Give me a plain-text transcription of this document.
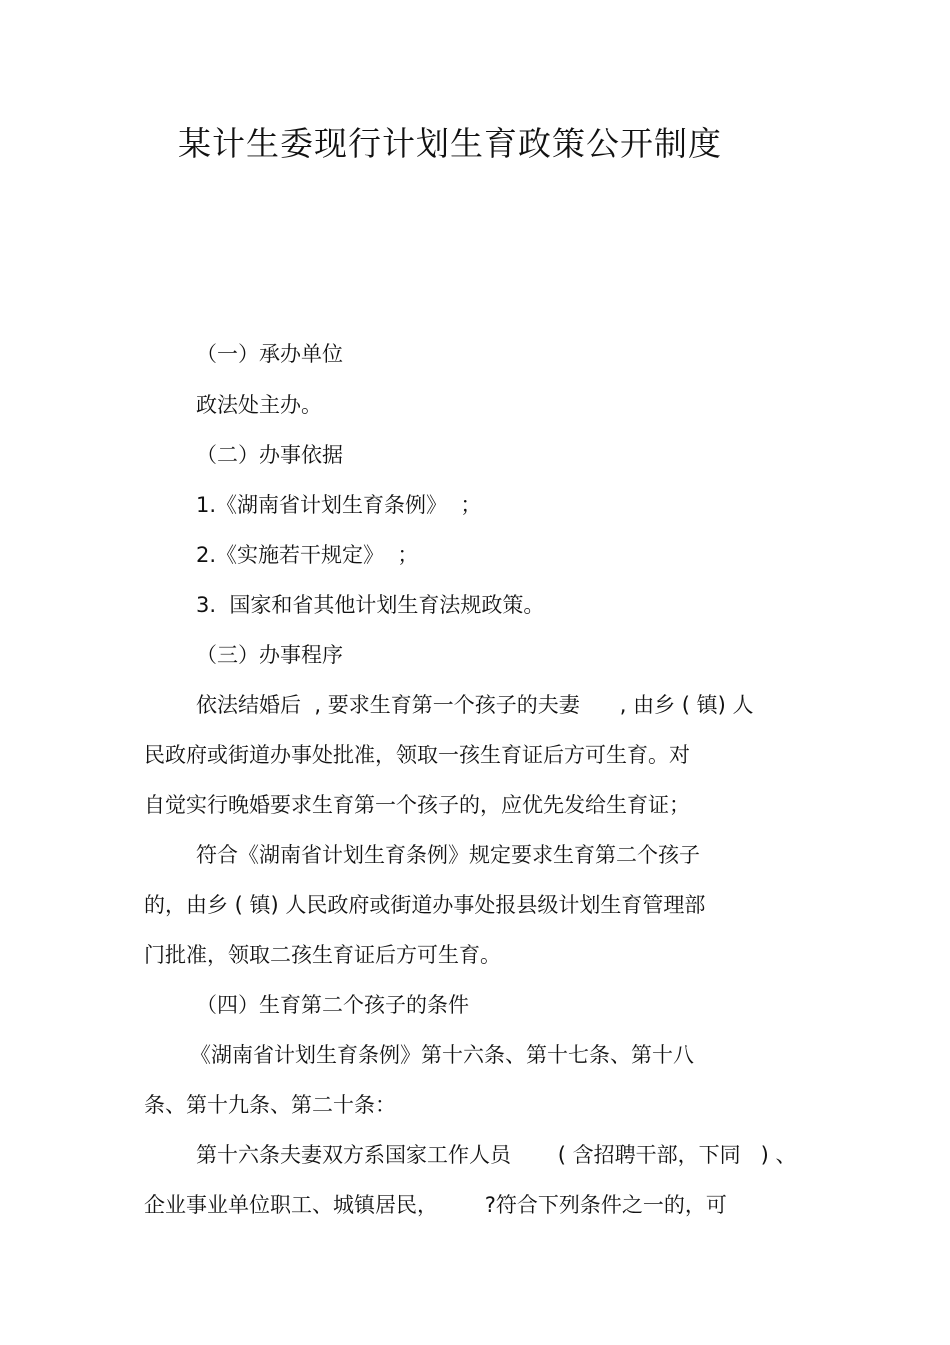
某计生委现行计划生育政策公开制度
（一）承办单位
政法处主办。
（二）办事依据
1.《湖南省计划生育条例》  ；
2.《实施若干规定》  ；
3.  国家和省其他计划生育法规政策。
（三）办事程序
依法结婚后  , 要求生育第一个孩子的夫妻      , 由乡 ( 镇) 人
民政府或街道办事处批准，领取一孩生育证后方可生育。对
自觉实行晚婚要求生育第一个孩子的，应优先发给生育证；
符合《湖南省计划生育条例》规定要求生育第二个孩子
的，由乡 ( 镇) 人民政府或街道办事处报县级计划生育管理部
门批准，领取二孩生育证后方可生育。
（四）生育第二个孩子的条件
《湖南省计划生育条例》第十六条、第十七条、第十八
条、第十九条、第二十条：
第十六条夫妻双方系国家工作人员       ( 含招聘干部，下同   ) 、
企业事业单位职工、城镇居民，       ?符合下列条件之一的，可
